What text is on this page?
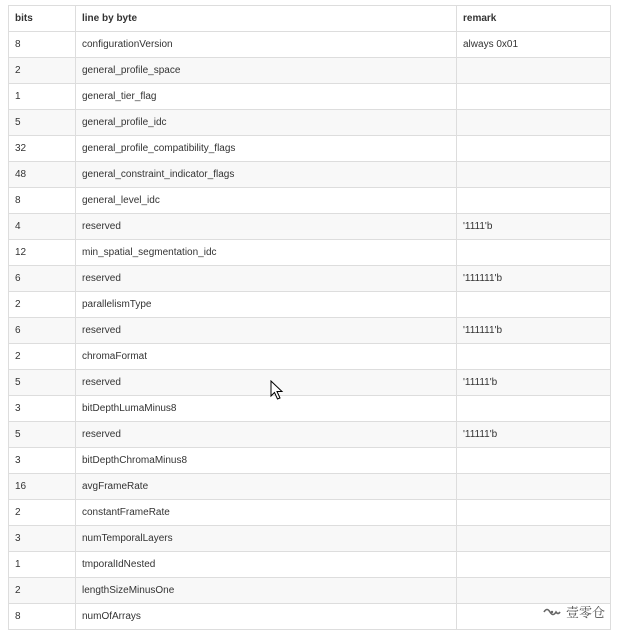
bits	line by byte	remark
8	configurationVersion	always 0x01
2	general_profile_space	
1	general_tier_flag	
5	general_profile_idc	
32	general_profile_compatibility_flags	
48	general_constraint_indicator_flags	
8	general_level_idc	
4	reserved	'1111'b
12	min_spatial_segmentation_idc	
6	reserved	'111111'b
2	parallelismType	
6	reserved	'111111'b
2	chromaFormat	
5	reserved	'11111'b
3	bitDepthLumaMinus8	
5	reserved	'11111'b
3	bitDepthChromaMinus8	
16	avgFrameRate	
2	constantFrameRate	
3	numTemporalLayers	
1	tmporalIdNested	
2	lengthSizeMinusOne	
8	numOfArrays		壹零仓
